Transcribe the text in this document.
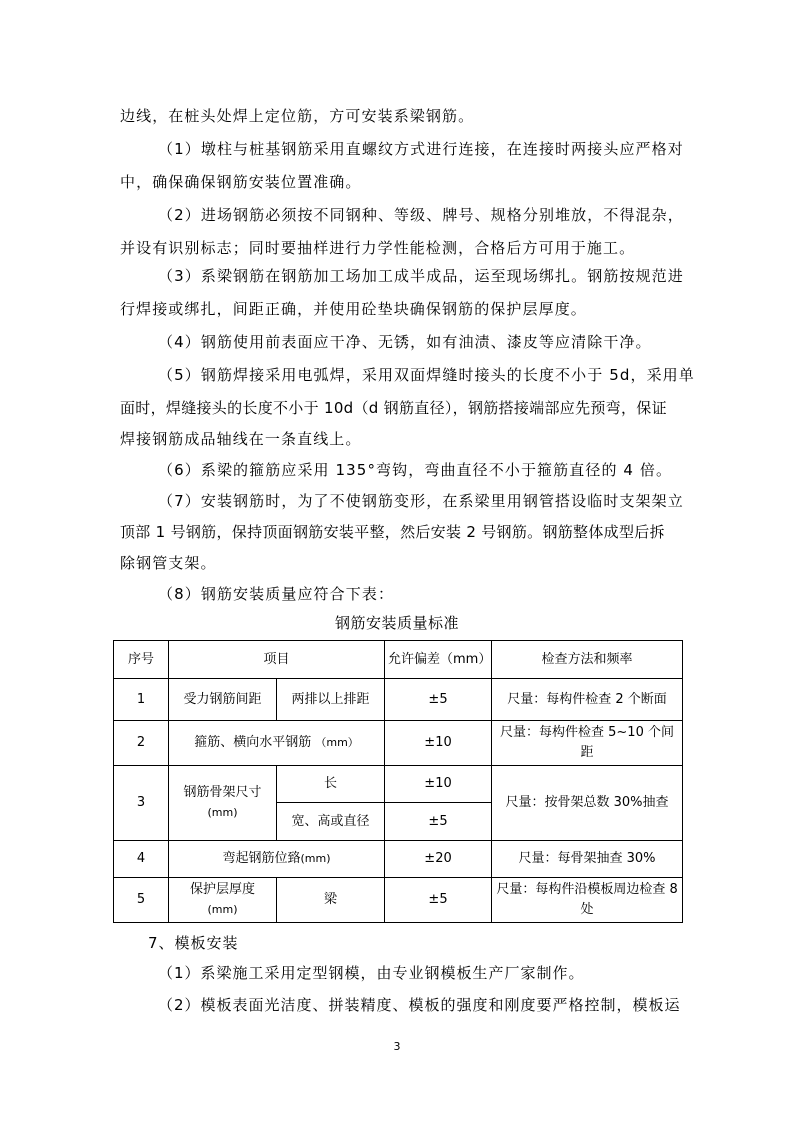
边线，在桩头处焊上定位筋，方可安装系梁钢筋。
（1）墩柱与桩基钢筋采用直螺纹方式进行连接，在连接时两接头应严格对
中，确保确保钢筋安装位置准确。
（2）进场钢筋必须按不同钢种、等级、牌号、规格分别堆放，不得混杂，
并设有识别标志；同时要抽样进行力学性能检测，合格后方可用于施工。
（3）系梁钢筋在钢筋加工场加工成半成品，运至现场绑扎。钢筋按规范进
行焊接或绑扎，间距正确，并使用砼垫块确保钢筋的保护层厚度。
（4）钢筋使用前表面应干净、无锈，如有油渍、漆皮等应清除干净。
（5）钢筋焊接采用电弧焊，采用双面焊缝时接头的长度不小于 5d，采用单
面时，焊缝接头的长度不小于 10d（d 钢筋直径），钢筋搭接端部应先预弯，保证
焊接钢筋成品轴线在一条直线上。
（6）系梁的箍筋应采用 135°弯钩，弯曲直径不小于箍筋直径的 4 倍。
（7）安装钢筋时，为了不使钢筋变形，在系梁里用钢管搭设临时支架架立
顶部 1 号钢筋，保持顶面钢筋安装平整，然后安装 2 号钢筋。钢筋整体成型后拆
除钢管支架。
（8）钢筋安装质量应符合下表：
钢筋安装质量标准
序号	项目		允许偏差（mm）	检查方法和频率
1	受力钢筋间距	两排以上排距	±5	尺量：每构件检查 2 个断面
2	箍筋、横向水平钢筋 （mm）		±10	尺量：每构件检查 5~10 个间距
3	钢筋骨架尺寸
(mm)	长	±10	尺量：按骨架总数 30%抽查
		宽、高或直径	±5	
4	弯起钢筋位臵(mm)		±20	尺量：每骨架抽查 30%
5	保护层厚度
(mm)	梁	±5	尺量：每构件沿模板周边检查 8 处
7、模板安装
（1）系梁施工采用定型钢模，由专业钢模板生产厂家制作。
（2）模板表面光洁度、拼装精度、模板的强度和刚度要严格控制，模板运
3
